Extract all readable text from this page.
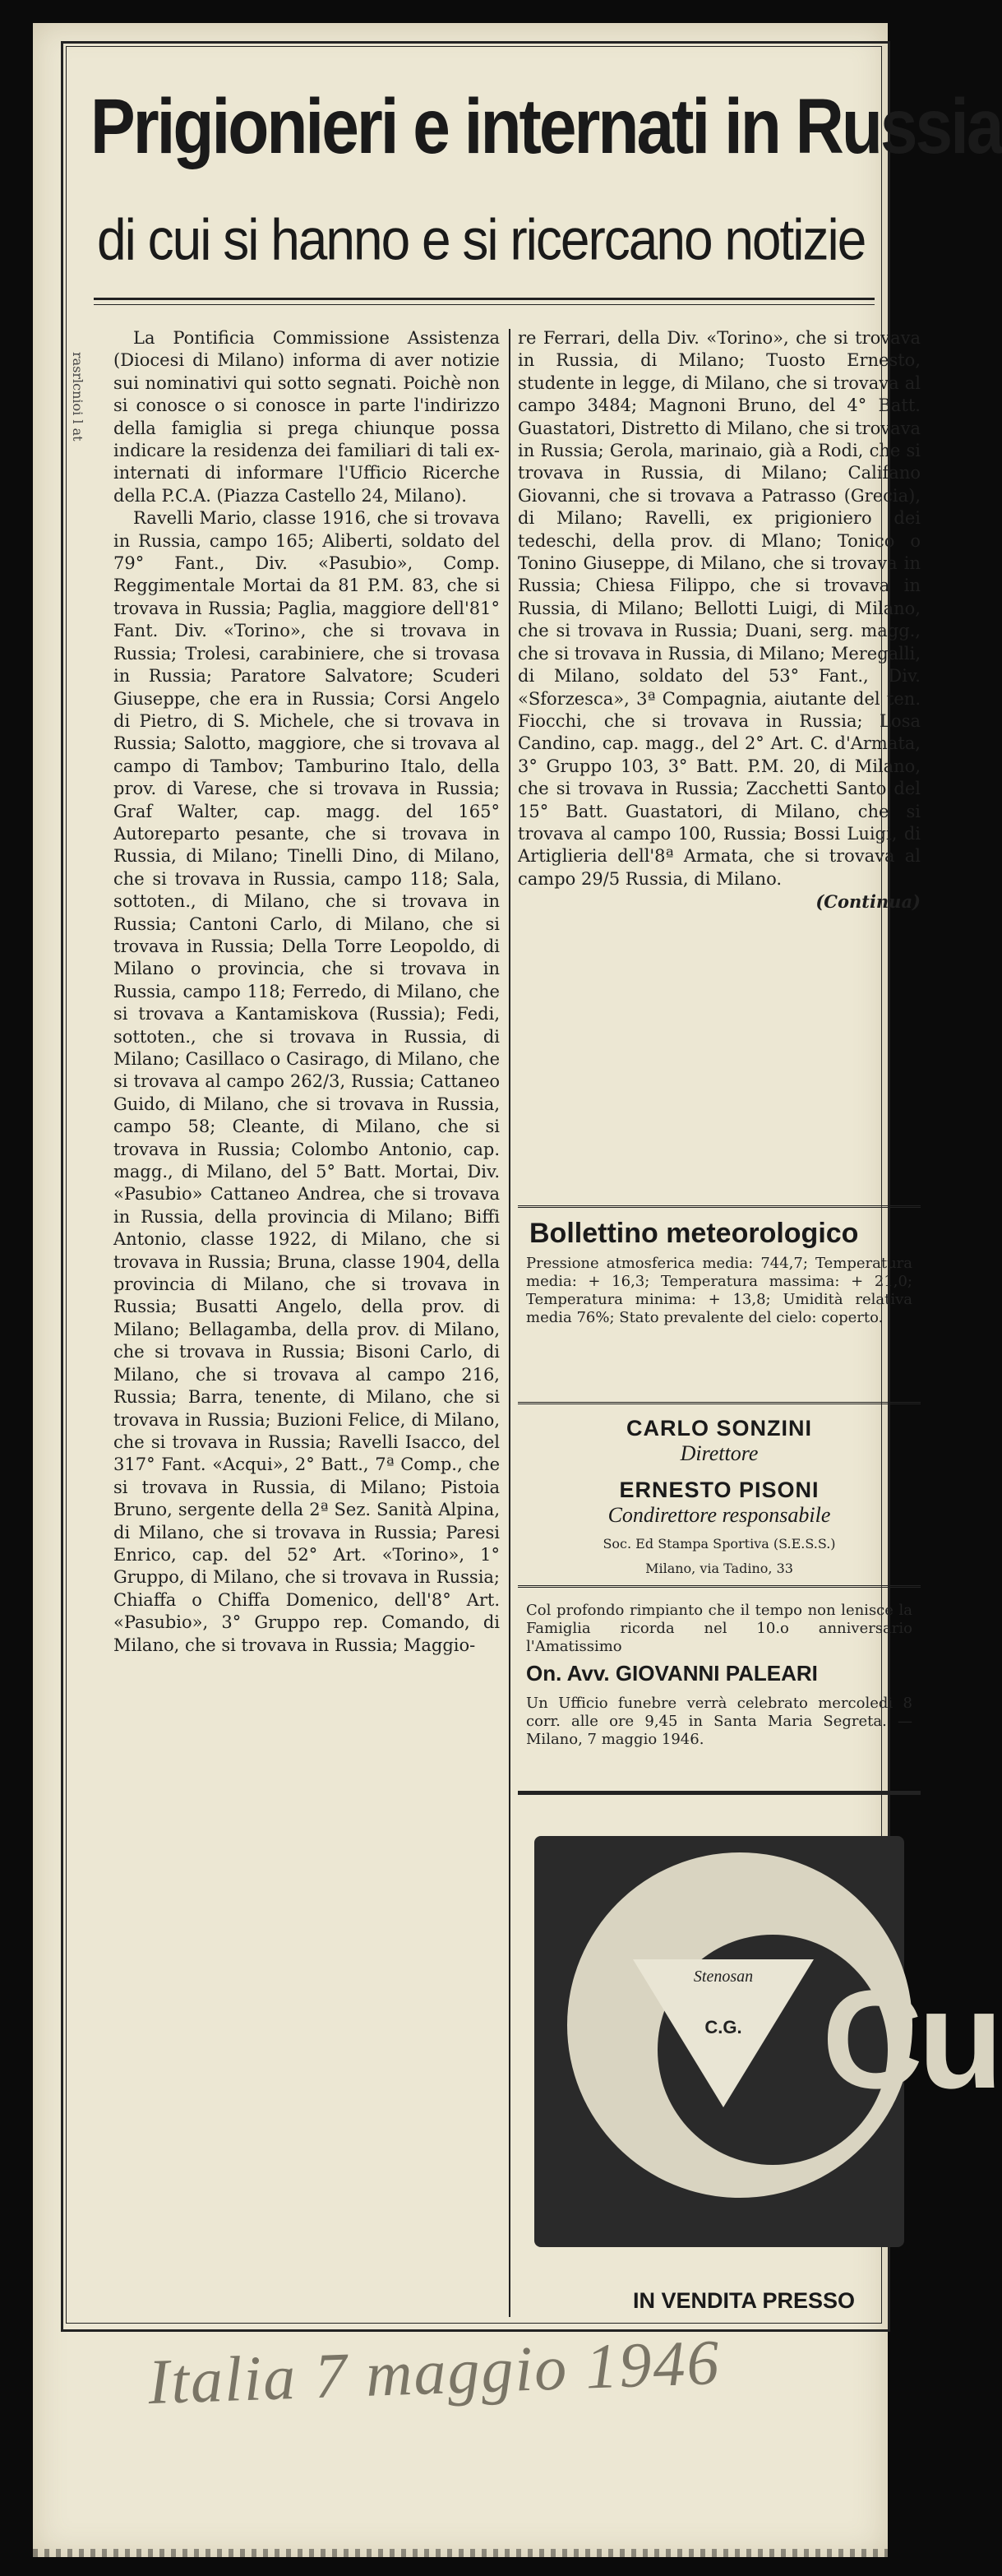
Prigionieri e internati in Russia
di cui si hanno e si ricercano notizie
rasrlcnioi l at

La Pontificia Commissione Assistenza (Diocesi di Milano) informa di aver notizie sui nominativi qui sotto segnati. Poichè non si conosce o si conosce in parte l'indirizzo della famiglia si prega chiunque possa indicare la residenza dei familiari di tali ex-internati di informare l'Ufficio Ricerche della P.C.A. (Piazza Castello 24, Milano).

Ravelli Mario, classe 1916, che si trovava in Russia, campo 165; Aliberti, soldato del 79° Fant., Div. «Pasubio», Comp. Reggimentale Mortai da 81 P.M. 83, che si trovava in Russia; Paglia, maggiore dell'81° Fant. Div. «Torino», che si trovava in Russia; Trolesi, carabiniere, che si trovasa in Russia; Paratore Salvatore; Scuderi Giuseppe, che era in Russia; Corsi Angelo di Pietro, di S. Michele, che si trovava in Russia; Salotto, maggiore, che si trovava al campo di Tambov; Tamburino Italo, della prov. di Varese, che si trovava in Russia; Graf Walter, cap. magg. del 165° Autoreparto pesante, che si trovava in Russia, di Milano; Tinelli Dino, di Milano, che si trovava in Russia, campo 118; Sala, sottoten., di Milano, che si trovava in Russia; Cantoni Carlo, di Milano, che si trovava in Russia; Della Torre Leopoldo, di Milano o provincia, che si trovava in Russia, campo 118; Ferredo, di Milano, che si trovava a Kantamiskova (Russia); Fedi, sottoten., che si trovava in Russia, di Milano; Casillaco o Casirago, di Milano, che si trovava al campo 262/3, Russia; Cattaneo Guido, di Milano, che si trovava in Russia, campo 58; Cleante, di Milano, che si trovava in Russia; Colombo Antonio, cap. magg., di Milano, del 5° Batt. Mortai, Div. «Pasubio» Cattaneo Andrea, che si trovava in Russia, della provincia di Milano; Biffi Antonio, classe 1922, di Milano, che si trovava in Russia; Bruna, classe 1904, della provincia di Milano, che si trovava in Russia; Busatti Angelo, della prov. di Milano; Bellagamba, della prov. di Milano, che si trovava in Russia; Bisoni Carlo, di Milano, che si trovava al campo 216, Russia; Barra, tenente, di Milano, che si trovava in Russia; Buzioni Felice, di Milano, che si trovava in Russia; Ravelli Isacco, del 317° Fant. «Acqui», 2° Batt., 7ª Comp., che si trovava in Russia, di Milano; Pistoia Bruno, sergente della 2ª Sez. Sanità Alpina, di Milano, che si trovava in Russia; Paresi Enrico, cap. del 52° Art. «Torino», 1° Gruppo, di Milano, che si trovava in Russia; Chiaffa o Chiffa Domenico, dell'8° Art. «Pasubio», 3° Gruppo rep. Comando, di Milano, che si trovava in Russia; Maggio-

re Ferrari, della Div. «Torino», che si trovava in Russia, di Milano; Tuosto Ernesto, studente in legge, di Milano, che si trovava al campo 3484; Magnoni Bruno, del 4° Batt. Guastatori, Distretto di Milano, che si trovava in Russia; Gerola, marinaio, già a Rodi, che si trovava in Russia, di Milano; Califano Giovanni, che si trovava a Patrasso (Grecia), di Milano; Ravelli, ex prigioniero dei tedeschi, della prov. di Mlano; Tonico o Tonino Giuseppe, di Milano, che si trovava in Russia; Chiesa Filippo, che si trovava in Russia, di Milano; Bellotti Luigi, di Milano, che si trovava in Russia; Duani, serg. magg., che si trovava in Russia, di Milano; Meregalli, di Milano, soldato del 53° Fant., Div. «Sforzesca», 3ª Compagnia, aiutante del ten. Fiocchi, che si trovava in Russia; Losa Candino, cap. magg., del 2° Art. C. d'Armata, 3° Gruppo 103, 3° Batt. P.M. 20, di Milano, che si trovava in Russia; Zacchetti Santo del 15° Batt. Guastatori, di Milano, che si trovava al campo 100, Russia; Bossi Luigi, di Artiglieria dell'8ª Armata, che si trovava al campo 29/5 Russia, di Milano.

(Continua)
Bollettino meteorologico
Pressione atmosferica media: 744,7; Temperatura media: + 16,3; Temperatura massima: + 21,0; Temperatura minima: + 13,8; Umidità relativa media 76%; Stato prevalente del cielo: coperto.
CARLO SONZINI
Direttore
ERNESTO PISONI
Condirettore responsabile
Soc. Ed Stampa Sportiva (S.E.S.S.)
Milano, via Tadino, 33
Col profondo rimpianto che il tempo non lenisce la Famiglia ricorda nel 10.o anniversario l'Amatissimo
On. Avv. GIOVANNI PALEARI
Un Ufficio funebre verrà celebrato mercoledì 8 corr. alle ore 9,45 in Santa Maria Segreta. — Milano, 7 maggio 1946.
Stenosan
C.G. Cu
IN VENDITA PRESSO
Italia 7 maggio 1946
